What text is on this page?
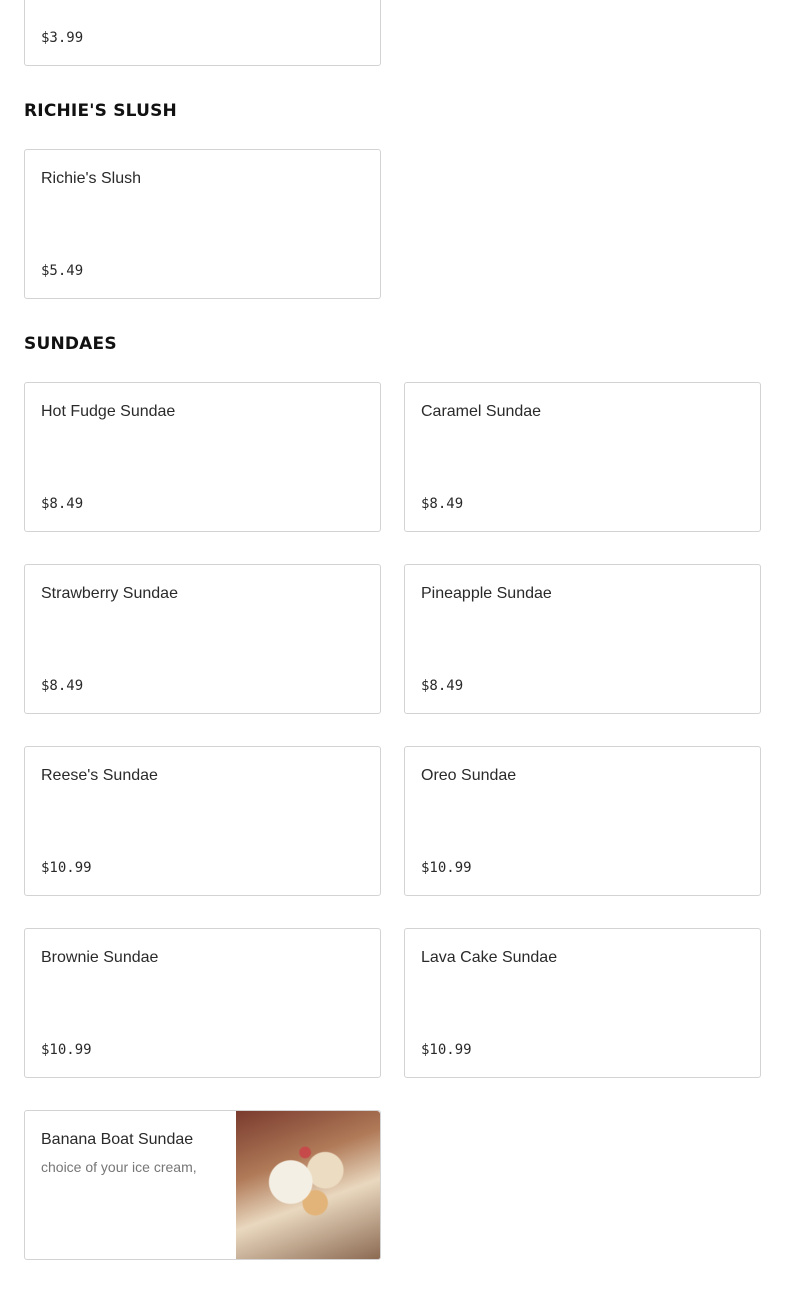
$3.99
RICHIE'S SLUSH
Richie's Slush
$5.49
SUNDAES
Hot Fudge Sundae
$8.49
Caramel Sundae
$8.49
Strawberry Sundae
$8.49
Pineapple Sundae
$8.49
Reese's Sundae
$10.99
Oreo Sundae
$10.99
Brownie Sundae
$10.99
Lava Cake Sundae
$10.99
Banana Boat Sundae
choice of your ice cream,
